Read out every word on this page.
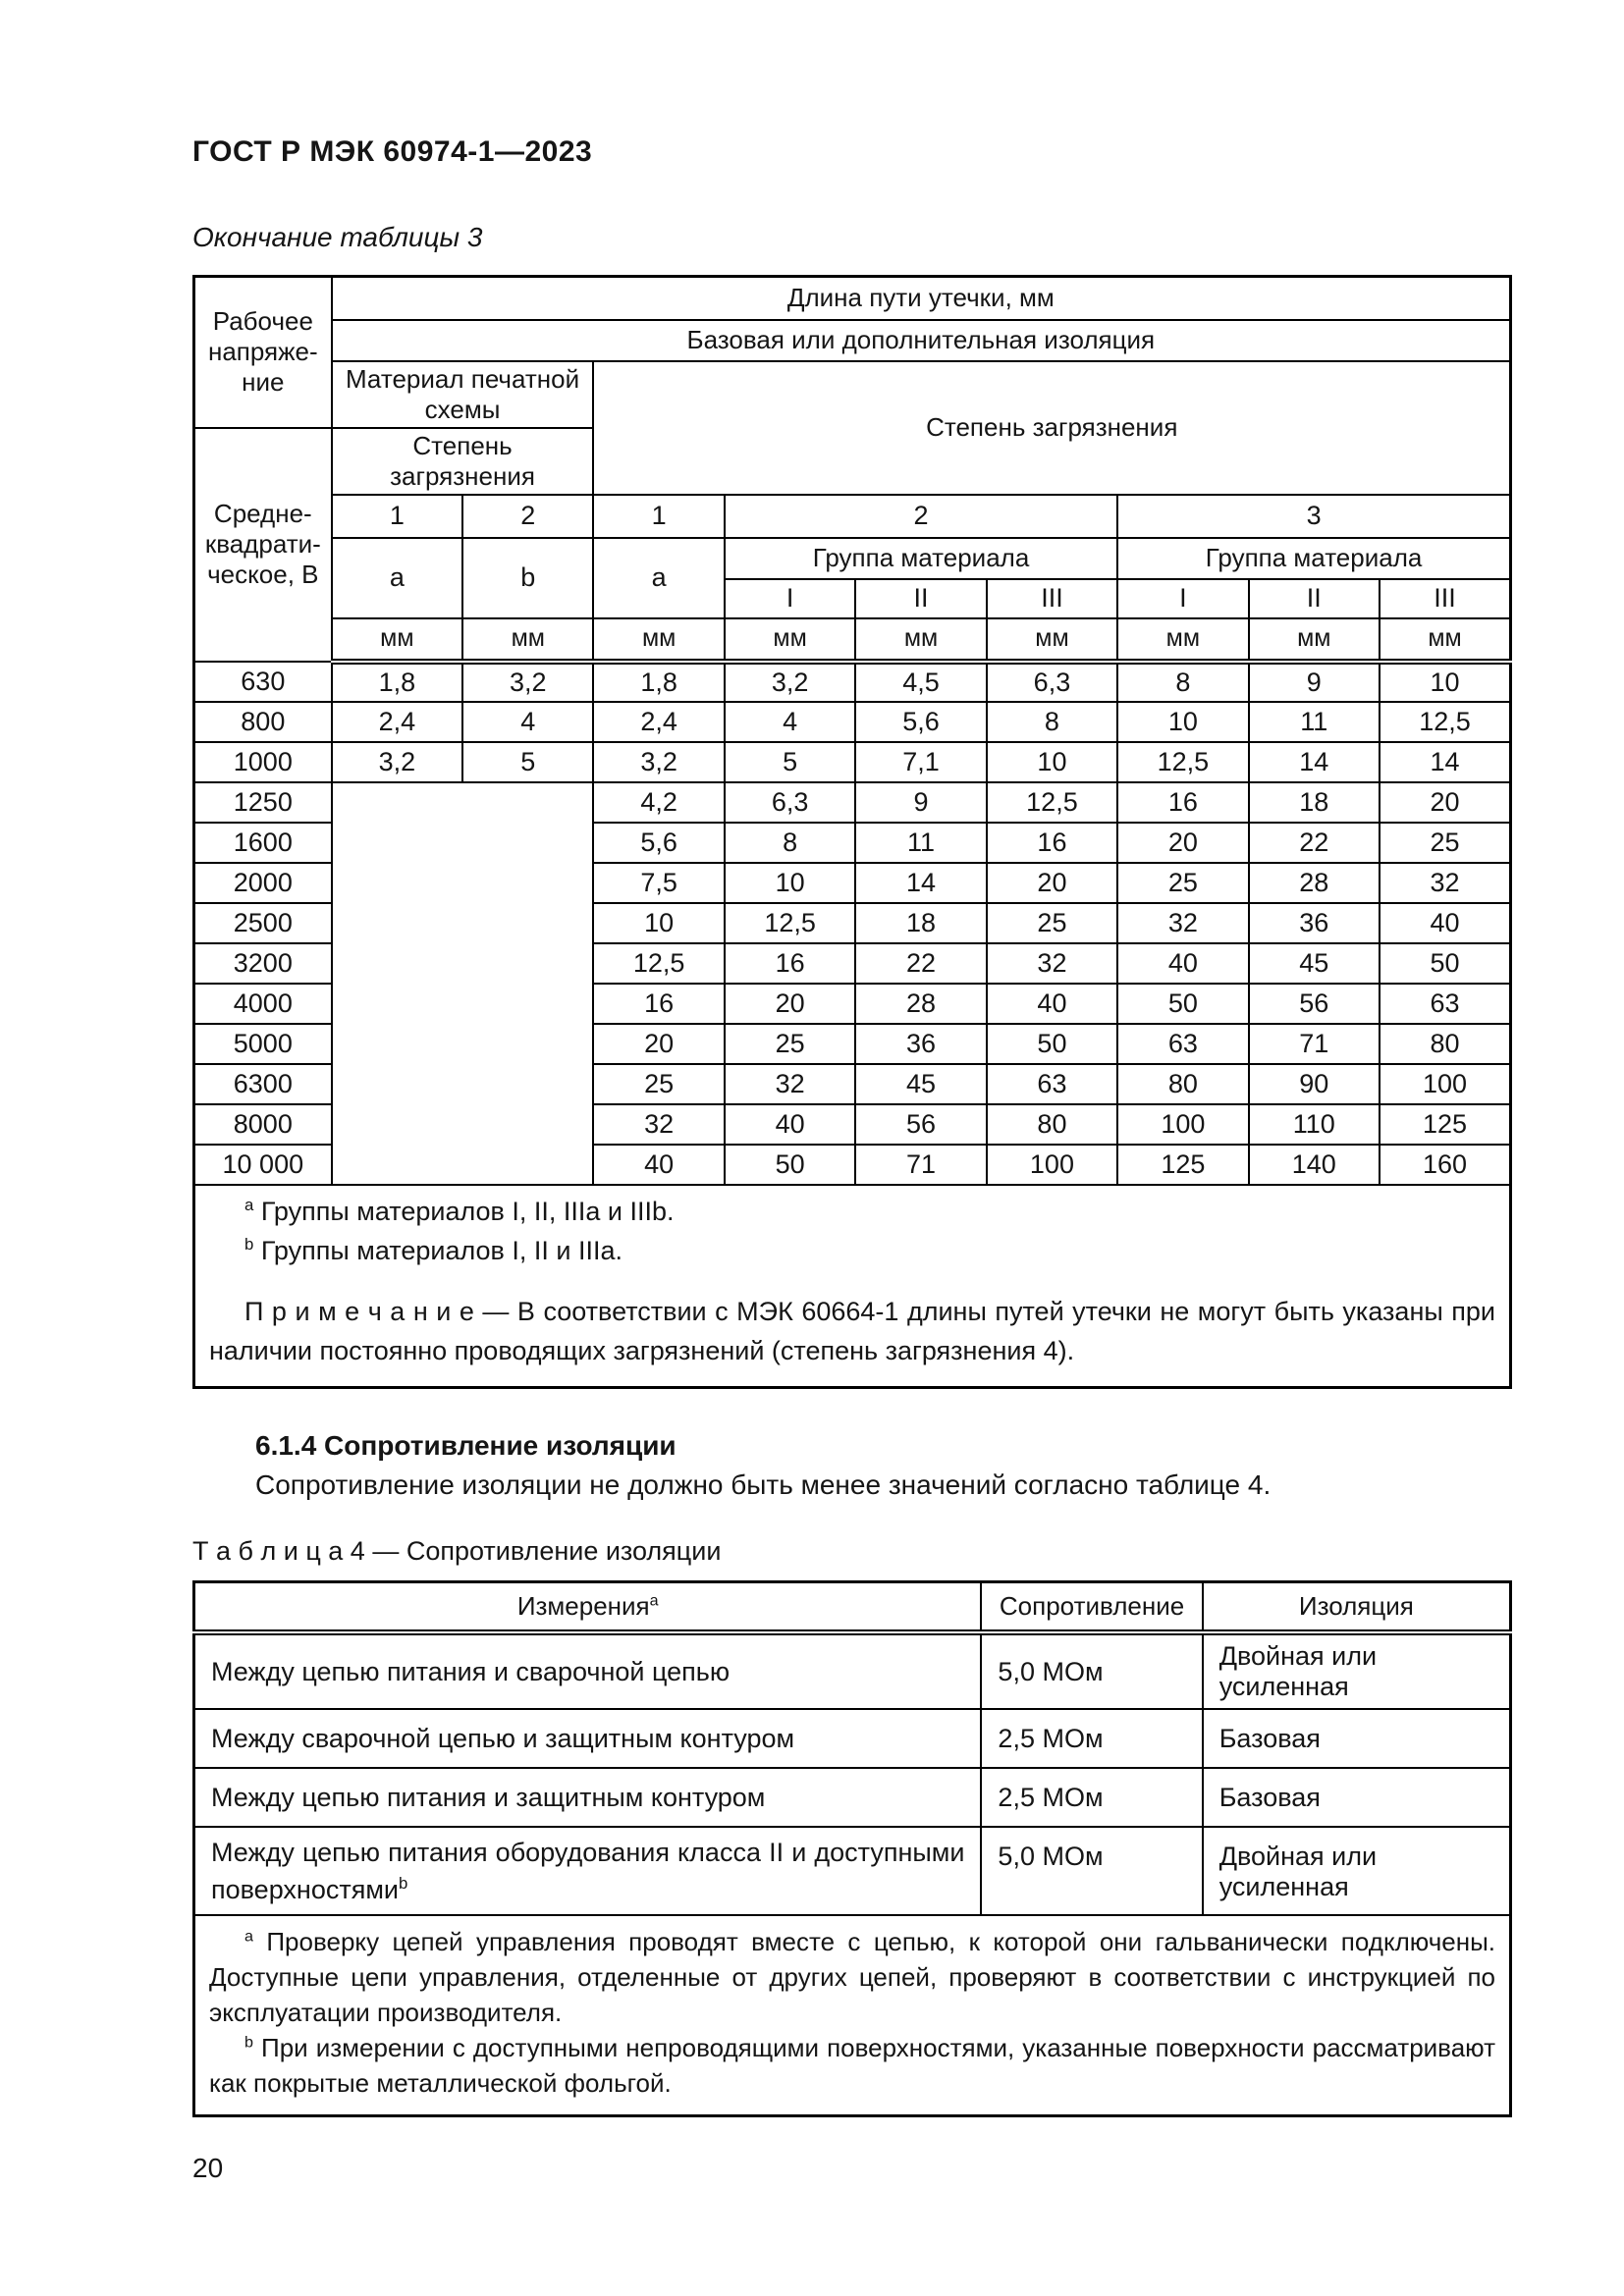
ГОСТ Р МЭК 60974-1—2023
Окончание таблицы 3
Рабочее напряже-ние	Длина пути утечки, мм								
	Базовая или дополнительная изоляция								
	Материал печатной схемы		Степень загрязнения						
Средне-квадрати-ческое, В	Степень загрязнения								
	1	2	1	2			3		
	a	b	a	Группа материала			Группа материала		
				I	II	III	I	II	III
	мм	мм	мм	мм	мм	мм	мм	мм	мм
630	1,8	3,2	1,8	3,2	4,5	6,3	8	9	10
800	2,4	4	2,4	4	5,6	8	10	11	12,5
1000	3,2	5	3,2	5	7,1	10	12,5	14	14
1250			4,2	6,3	9	12,5	16	18	20
1600			5,6	8	11	16	20	22	25
2000			7,5	10	14	20	25	28	32
2500			10	12,5	18	25	32	36	40
3200			12,5	16	22	32	40	45	50
4000			16	20	28	40	50	56	63
5000			20	25	36	50	63	71	80
6300			25	32	45	63	80	90	100
8000			32	40	56	80	100	110	125
10 000			40	50	71	100	125	140	160

$^a$ Группы материалов I, II, IIIa и IIIb.

$^b$ Группы материалов I, II и IIIa.

П р и м е ч а н и е — В соответствии с МЭК 60664-1 длины путей утечки не могут быть указаны при наличии постоянно проводящих загрязнений (степень загрязнения 4).									

6.1.4 Сопротивление изоляции

Сопротивление изоляции не должно быть менее значений согласно таблице 4.

Т а б л и ц а 4 — Сопротивление изоляции
Измерения$^a$	Сопротивление	Изоляция
Между цепью питания и сварочной цепью	5,0 МОм	Двойная или усиленная
Между сварочной цепью и защитным контуром	2,5 МОм	Базовая
Между цепью питания и защитным контуром	2,5 МОм	Базовая
Между цепью питания оборудования класса II и доступными поверхностями$^b$	5,0 МОм	Двойная или усиленная

$^a$ Проверку цепей управления проводят вместе с цепью, к которой они гальванически подключены. Доступные цепи управления, отделенные от других цепей, проверяют в соответствии с инструкцией по эксплуатации производителя.

$^b$ При измерении с доступными непроводящими поверхностями, указанные поверхности рассматривают как покрытые металлической фольгой.		

20
